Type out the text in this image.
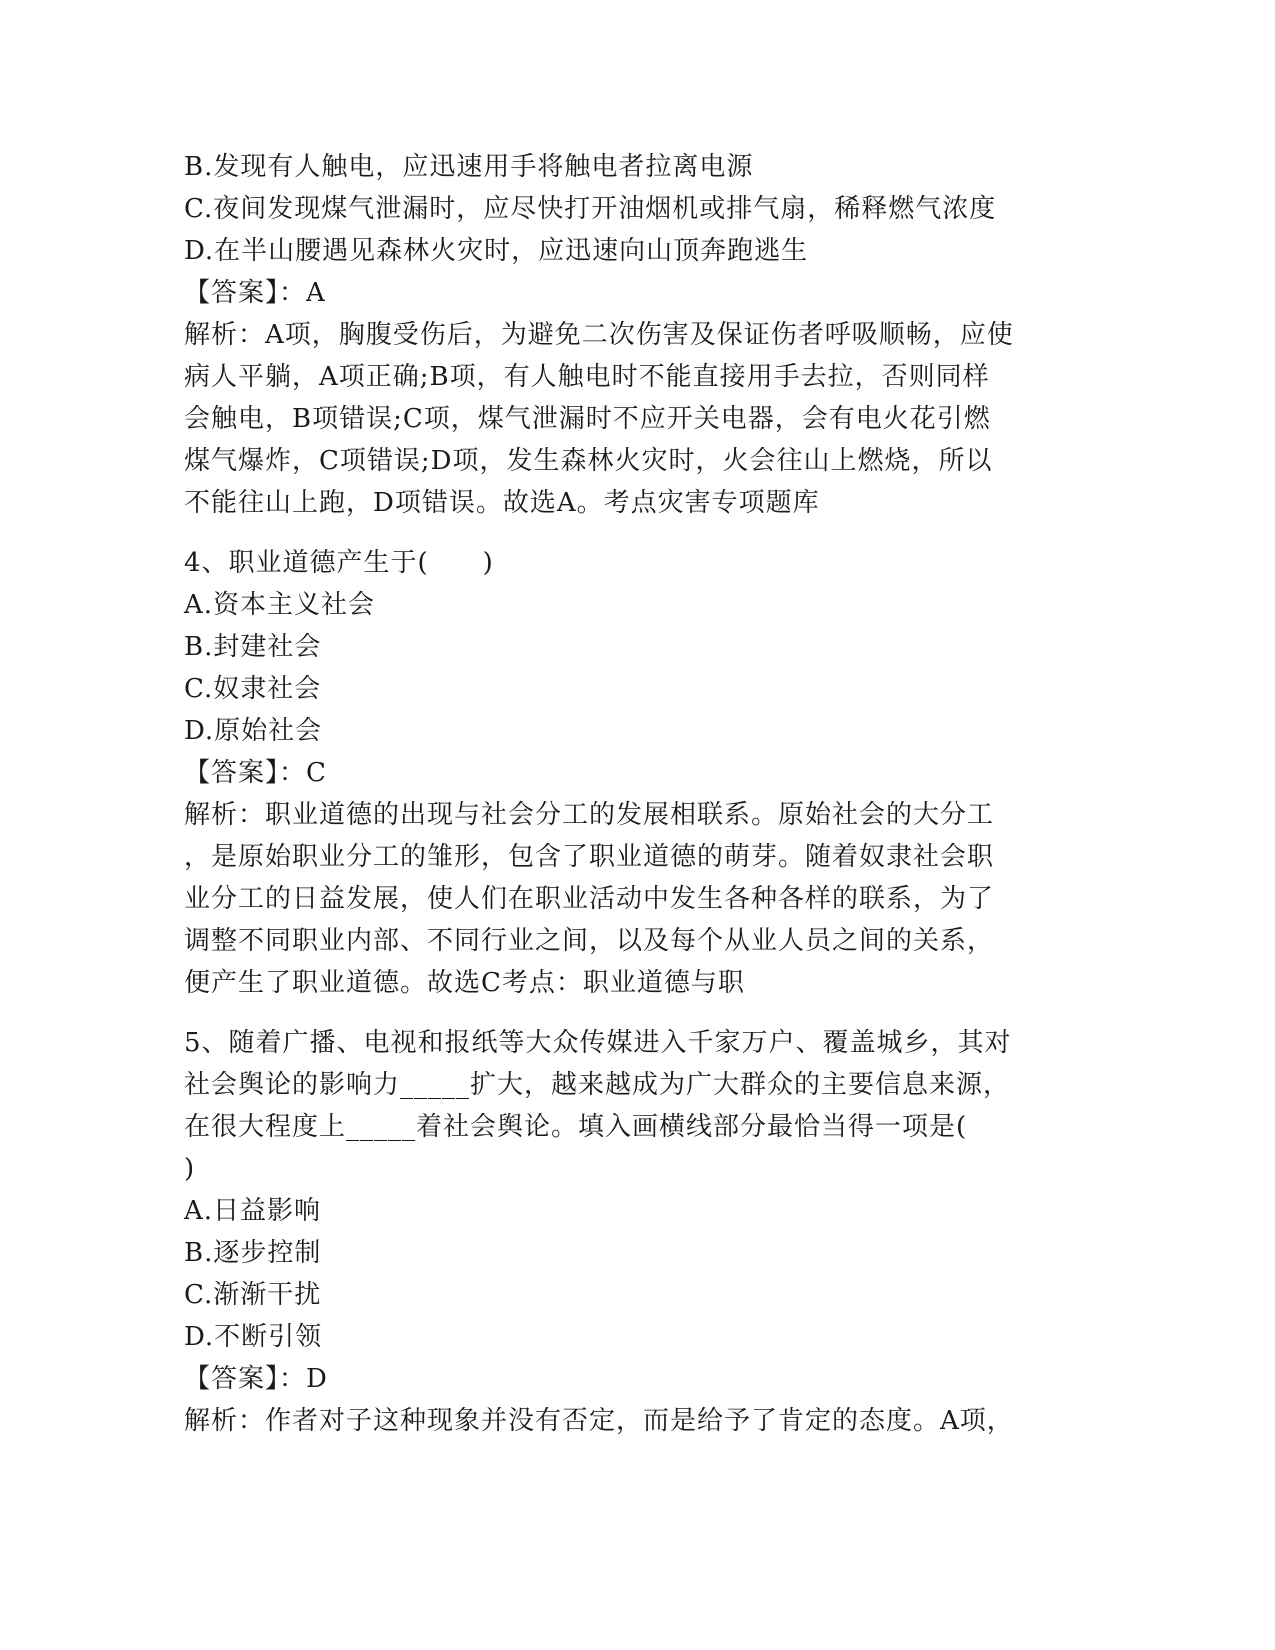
B.发现有人触电，应迅速用手将触电者拉离电源
C.夜间发现煤气泄漏时，应尽快打开油烟机或排气扇，稀释燃气浓度
D.在半山腰遇见森林火灾时，应迅速向山顶奔跑逃生
【答案】：A
解析：A项，胸腹受伤后，为避免二次伤害及保证伤者呼吸顺畅，应使
病人平躺，A项正确;B项，有人触电时不能直接用手去拉，否则同样
会触电，B项错误;C项，煤气泄漏时不应开关电器，会有电火花引燃
煤气爆炸，C项错误;D项，发生森林火灾时，火会往山上燃烧，所以
不能往山上跑，D项错误。故选A。考点灾害专项题库
4、职业道德产生于(　　)
A.资本主义社会
B.封建社会
C.奴隶社会
D.原始社会
【答案】：C
解析：职业道德的出现与社会分工的发展相联系。原始社会的大分工
，是原始职业分工的雏形，包含了职业道德的萌芽。随着奴隶社会职
业分工的日益发展，使人们在职业活动中发生各种各样的联系，为了
调整不同职业内部、不同行业之间，以及每个从业人员之间的关系，
便产生了职业道德。故选C考点：职业道德与职
5、随着广播、电视和报纸等大众传媒进入千家万户、覆盖城乡，其对
社会舆论的影响力_____扩大，越来越成为广大群众的主要信息来源，
在很大程度上_____着社会舆论。填入画横线部分最恰当得一项是(
)
A.日益影响
B.逐步控制
C.渐渐干扰
D.不断引领
【答案】：D
解析：作者对子这种现象并没有否定，而是给予了肯定的态度。A项，
